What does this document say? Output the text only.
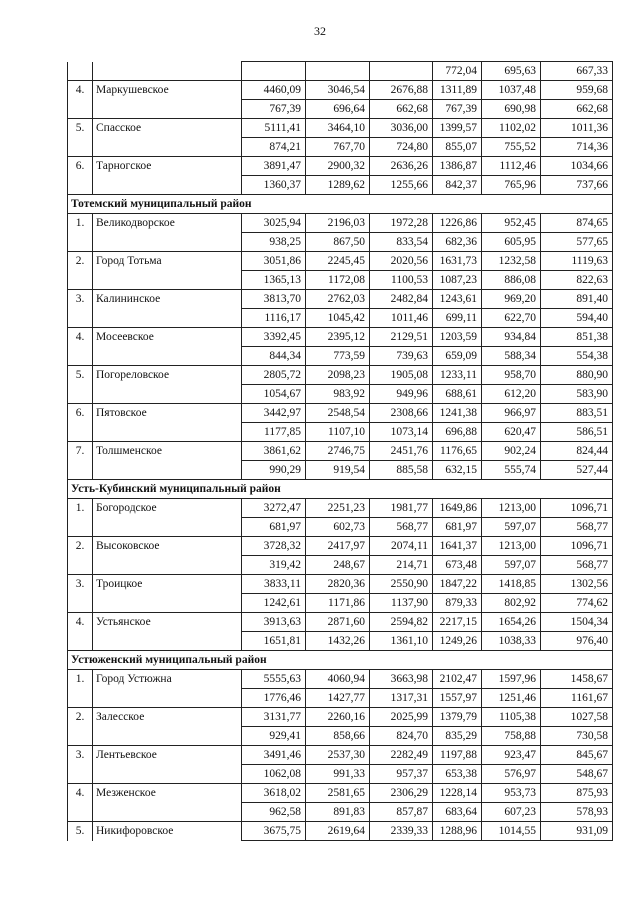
32
					772,04	695,63	667,33
4.	Маркушевское	4460,09	3046,54	2676,88	1311,89	1037,48	959,68
		767,39	696,64	662,68	767,39	690,98	662,68
5.	Спасское	5111,41	3464,10	3036,00	1399,57	1102,02	1011,36
		874,21	767,70	724,80	855,07	755,52	714,36
6.	Тарногское	3891,47	2900,32	2636,26	1386,87	1112,46	1034,66
		1360,37	1289,62	1255,66	842,37	765,96	737,66
Тотемский муниципальный район							
1.	Великодворское	3025,94	2196,03	1972,28	1226,86	952,45	874,65
		938,25	867,50	833,54	682,36	605,95	577,65
2.	Город Тотьма	3051,86	2245,45	2020,56	1631,73	1232,58	1119,63
		1365,13	1172,08	1100,53	1087,23	886,08	822,63
3.	Калининское	3813,70	2762,03	2482,84	1243,61	969,20	891,40
		1116,17	1045,42	1011,46	699,11	622,70	594,40
4.	Мосеевское	3392,45	2395,12	2129,51	1203,59	934,84	851,38
		844,34	773,59	739,63	659,09	588,34	554,38
5.	Погореловское	2805,72	2098,23	1905,08	1233,11	958,70	880,90
		1054,67	983,92	949,96	688,61	612,20	583,90
6.	Пятовское	3442,97	2548,54	2308,66	1241,38	966,97	883,51
		1177,85	1107,10	1073,14	696,88	620,47	586,51
7.	Толшменское	3861,62	2746,75	2451,76	1176,65	902,24	824,44
		990,29	919,54	885,58	632,15	555,74	527,44
Усть-Кубинский муниципальный район							
1.	Богородское	3272,47	2251,23	1981,77	1649,86	1213,00	1096,71
		681,97	602,73	568,77	681,97	597,07	568,77
2.	Высоковское	3728,32	2417,97	2074,11	1641,37	1213,00	1096,71
		319,42	248,67	214,71	673,48	597,07	568,77
3.	Троицкое	3833,11	2820,36	2550,90	1847,22	1418,85	1302,56
		1242,61	1171,86	1137,90	879,33	802,92	774,62
4.	Устьянское	3913,63	2871,60	2594,82	2217,15	1654,26	1504,34
		1651,81	1432,26	1361,10	1249,26	1038,33	976,40
Устюженский муниципальный район							
1.	Город Устюжна	5555,63	4060,94	3663,98	2102,47	1597,96	1458,67
		1776,46	1427,77	1317,31	1557,97	1251,46	1161,67
2.	Залесское	3131,77	2260,16	2025,99	1379,79	1105,38	1027,58
		929,41	858,66	824,70	835,29	758,88	730,58
3.	Лентьевское	3491,46	2537,30	2282,49	1197,88	923,47	845,67
		1062,08	991,33	957,37	653,38	576,97	548,67
4.	Мезженское	3618,02	2581,65	2306,29	1228,14	953,73	875,93
		962,58	891,83	857,87	683,64	607,23	578,93
5.	Никифоровское	3675,75	2619,64	2339,33	1288,96	1014,55	931,09
